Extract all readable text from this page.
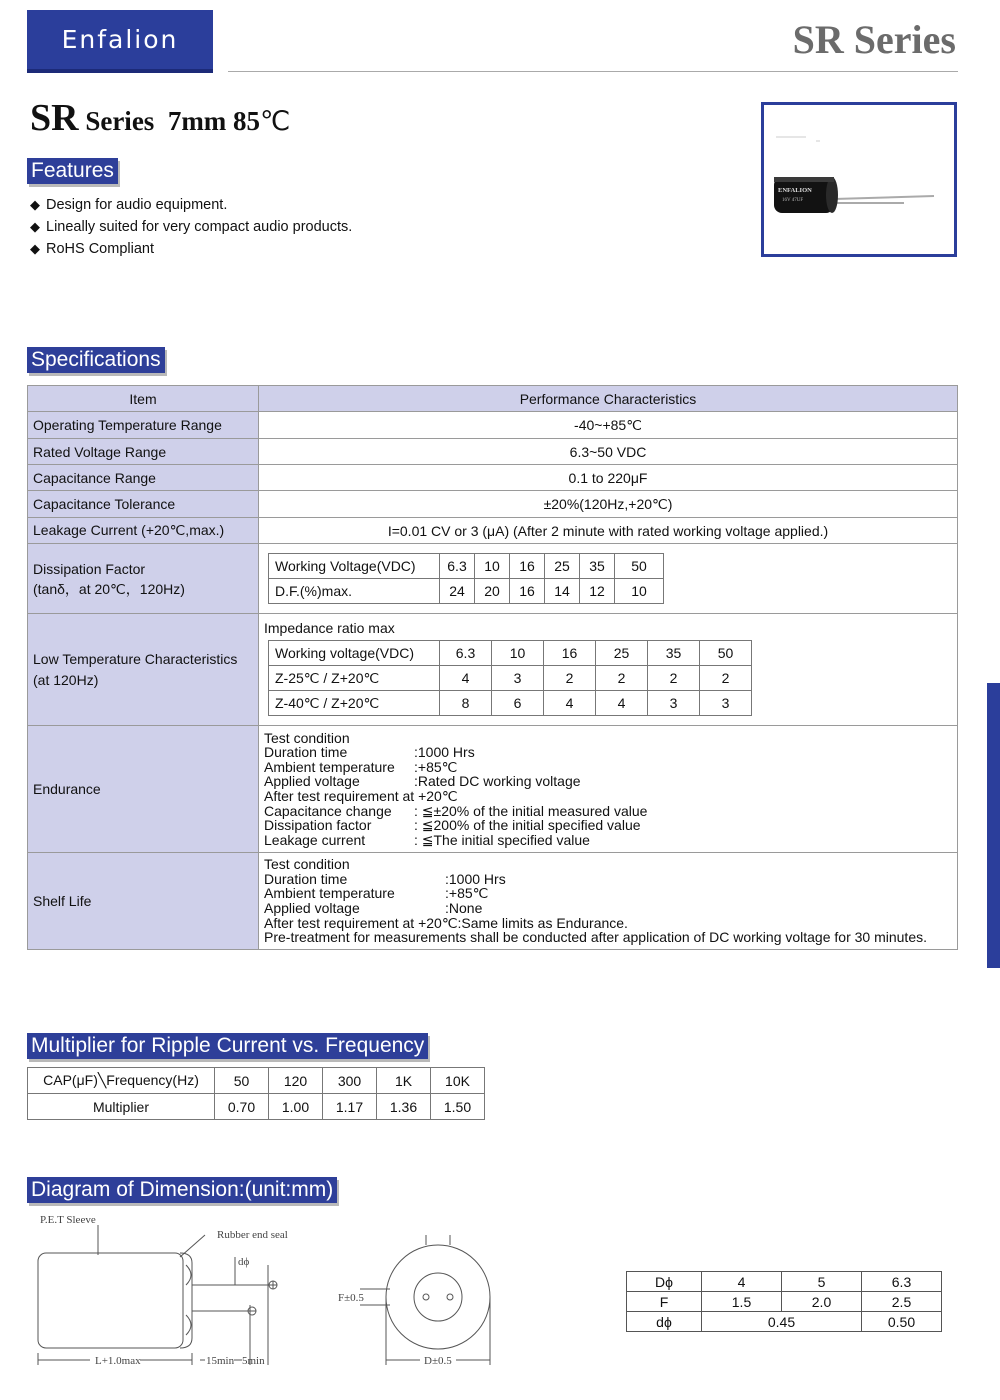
Enfalion	SR Series
SR Series 7mm 85℃
Features
◆ Design for audio equipment.
◆ Lineally suited for very compact audio products.
◆ RoHS Compliant
ENFALION
16V 47UF
Specifications
Item	Performance Characteristics
Operating Temperature Range	-40~+85℃
Rated Voltage Range	6.3~50 VDC
Capacitance Range	0.1 to 220μF
Capacitance Tolerance	±20%(120Hz,+20℃)
Leakage Current (+20℃,max.)	I=0.01 CV or 3 (μA) (After 2 minute with rated working voltage applied.)

Dissipation Factor
(tanδ，at 20℃，120Hz)

Working Voltage(VDC)	6.3	10	16	25	35	50
D.F.(%)max.	24	20	16	14	12	10

Low Temperature Characteristics
(at 120Hz)

Impedance ratio max
Working voltage(VDC)	6.3	10	16	25	35	50
Z-25℃ / Z+20℃	4	3	2	2	2	2
Z-40℃ / Z+20℃	8	6	4	4	3	3

Endurance	
Test condition
Duration time	:1000 Hrs
Ambient temperature	:+85℃
Applied voltage	:Rated DC working voltage
After test requirement at +20℃
Capacitance change	: ≦±20% of the initial measured value
Dissipation factor	: ≦200% of the initial specified value
Leakage current	: ≦The initial specified value

Shelf Life	
Test condition
Duration time	:1000 Hrs
Ambient temperature	:+85℃
Applied voltage	:None
After test requirement at +20℃:Same limits as Endurance.
Pre-treatment for measurements shall be conducted after application of DC working voltage for 30 minutes.
Multiplier for Ripple Current vs. Frequency
CAP(μF)╲Frequency(Hz)	50	120	300	1K	10K
Multiplier	0.70	1.00	1.17	1.36	1.50
Diagram of Dimension:(unit:mm)
P.E.T Sleeve
Rubber end seal
dϕ
L+1.0max	15min 5min
F±0.5
D±0.5
Dϕ	4	5	6.3
F	1.5	2.0	2.5
dϕ	0.45		0.50
